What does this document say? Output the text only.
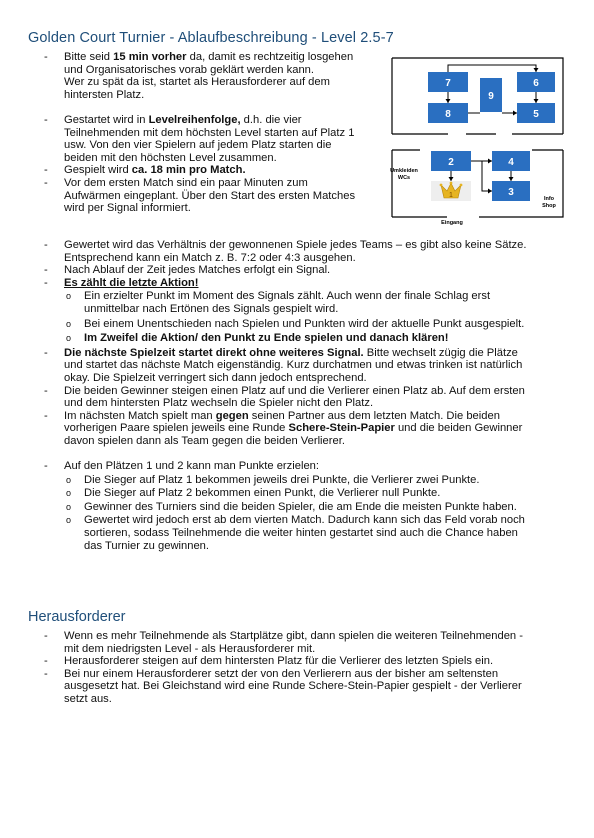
Golden Court Turnier - Ablaufbeschreibung - Level 2.5-7
7	6
9
8	5
2	4
3
1
Umkleiden
WCs
Info
Shop
Eingang
- Bitte seid 15 min vorher da, damit es rechtzeitig losgehen
und Organisatorisches vorab geklärt werden kann.
Wer zu spät da ist, startet als Herausforderer auf dem
hintersten Platz.
- Gestartet wird in Levelreihenfolge, d.h. die vier
Teilnehmenden mit dem höchsten Level starten auf Platz 1
usw. Von den vier Spielern auf jedem Platz starten die
beiden mit den höchsten Level zusammen.
- Gespielt wird ca. 18 min pro Match.
- Vor dem ersten Match sind ein paar Minuten zum
Aufwärmen eingeplant. Über den Start des ersten Matches
wird per Signal informiert.
- Gewertet wird das Verhältnis der gewonnenen Spiele jedes Teams – es gibt also keine Sätze.
Entsprechend kann ein Match z. B. 7:2 oder 4:3 ausgehen.
- Nach Ablauf der Zeit jedes Matches erfolgt ein Signal.
- Es zählt die letzte Aktion!
o Ein erzielter Punkt im Moment des Signals zählt. Auch wenn der finale Schlag erst
unmittelbar nach Ertönen des Signals gespielt wird.
o Bei einem Unentschieden nach Spielen und Punkten wird der aktuelle Punkt ausgespielt.
o Im Zweifel die Aktion/ den Punkt zu Ende spielen und danach klären!
- Die nächste Spielzeit startet direkt ohne weiteres Signal. Bitte wechselt zügig die Plätze
und startet das nächste Match eigenständig. Kurz durchatmen und etwas trinken ist natürlich
okay. Die Spielzeit verringert sich dann jedoch entsprechend.
- Die beiden Gewinner steigen einen Platz auf und die Verlierer einen Platz ab. Auf dem ersten
und dem hintersten Platz wechseln die Spieler nicht den Platz.
- Im nächsten Match spielt man gegen seinen Partner aus dem letzten Match. Die beiden
vorherigen Paare spielen jeweils eine Runde Schere-Stein-Papier und die beiden Gewinner
davon spielen dann als Team gegen die beiden Verlierer.
- Auf den Plätzen 1 und 2 kann man Punkte erzielen:
o Die Sieger auf Platz 1 bekommen jeweils drei Punkte, die Verlierer zwei Punkte.
o Die Sieger auf Platz 2 bekommen einen Punkt, die Verlierer null Punkte.
o Gewinner des Turniers sind die beiden Spieler, die am Ende die meisten Punkte haben.
o Gewertet wird jedoch erst ab dem vierten Match. Dadurch kann sich das Feld vorab noch
sortieren, sodass Teilnehmende die weiter hinten gestartet sind auch die Chance haben
das Turnier zu gewinnen.
- Wenn es mehr Teilnehmende als Startplätze gibt, dann spielen die weiteren Teilnehmenden -
mit dem niedrigsten Level - als Herausforderer mit.
- Herausforderer steigen auf dem hintersten Platz für die Verlierer des letzten Spiels ein.
- Bei nur einem Herausforderer setzt der von den Verlierern aus der bisher am seltensten
ausgesetzt hat. Bei Gleichstand wird eine Runde Schere-Stein-Papier gespielt - der Verlierer
setzt aus.
Herausforderer
